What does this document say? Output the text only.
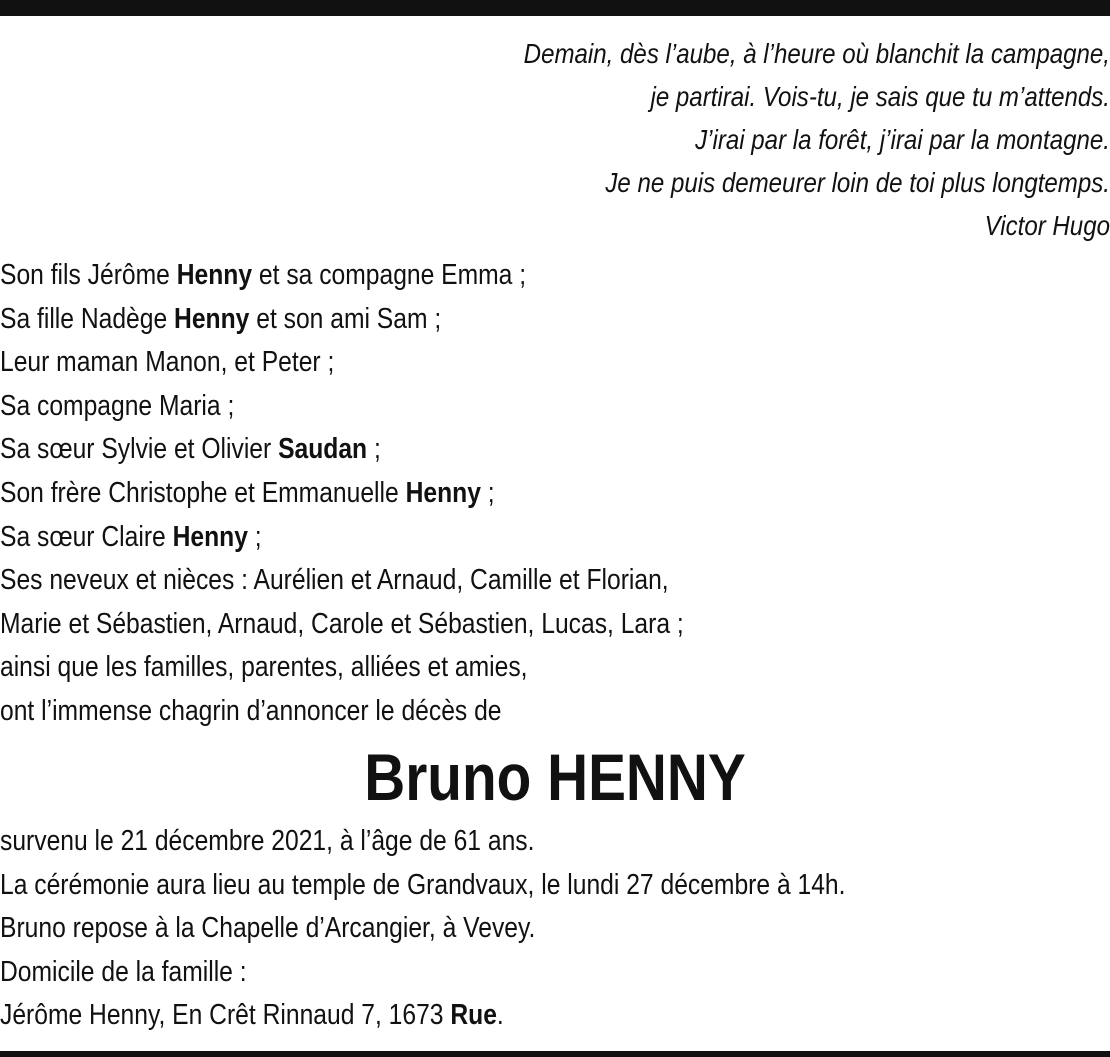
Demain, dès l’aube, à l’heure où blanchit la campagne,
je partirai. Vois-tu, je sais que tu m’attends.
J’irai par la forêt, j’irai par la montagne.
Je ne puis demeurer loin de toi plus longtemps.
Victor Hugo
Son fils Jérôme Henny et sa compagne Emma ;
Sa fille Nadège Henny et son ami Sam ;
Leur maman Manon, et Peter ;
Sa compagne Maria ;
Sa sœur Sylvie et Olivier Saudan ;
Son frère Christophe et Emmanuelle Henny ;
Sa sœur Claire Henny ;
Ses neveux et nièces : Aurélien et Arnaud, Camille et Florian,
Marie et Sébastien, Arnaud, Carole et Sébastien, Lucas, Lara ;
ainsi que les familles, parentes, alliées et amies,
ont l’immense chagrin d’annoncer le décès de
Bruno HENNY
survenu le 21 décembre 2021, à l’âge de 61 ans.
La cérémonie aura lieu au temple de Grandvaux, le lundi 27 décembre à 14h.
Bruno repose à la Chapelle d’Arcangier, à Vevey.
Domicile de la famille :
Jérôme Henny, En Crêt Rinnaud 7, 1673 Rue.
